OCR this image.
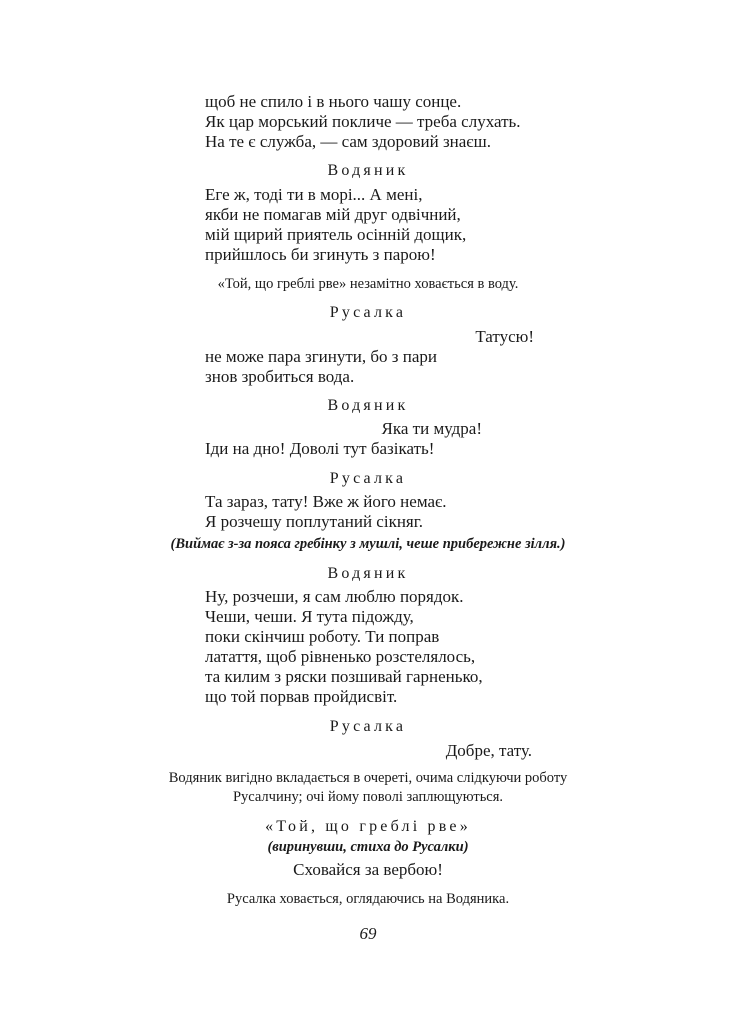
щоб не спило і в нього чашу сонце.
Як цар морський покличе — треба слухать.
На те є служба, — сам здоровий знаєш.
Водяник
Еге ж, тоді ти в морі... А мені,
якби не помагав мій друг одвічний,
мій щирий приятель осінній дощик,
прийшлось би згинуть з парою!
«Той, що греблі рве» незамітно ховається в воду.
Русалка
Татусю!
не може пара згинути, бо з пари
знов зробиться вода.
Водяник
Яка ти мудра!
Іди на дно! Доволі тут базікать!
Русалка
Та зараз, тату! Вже ж його немає.
Я розчешу поплутаний сікняг.
(Виймає з-за пояса гребінку з мушлі, чеше прибережне зілля.)
Водяник
Ну, розчеши, я сам люблю порядок.
Чеши, чеши. Я тута підожду,
поки скінчиш роботу. Ти поправ
латаття, щоб рівненько розстелялось,
та килим з ряски позшивай гарненько,
що той порвав пройдисвіт.
Русалка
Добре, тату.
Водяник вигідно вкладається в очереті, очима слідкуючи роботу
Русалчину; очі йому поволі заплющуються.
«Той, що греблі рве»
(виринувши, стиха до Русалки)
Сховайся за вербою!
Русалка ховається, оглядаючись на Водяника.
69
